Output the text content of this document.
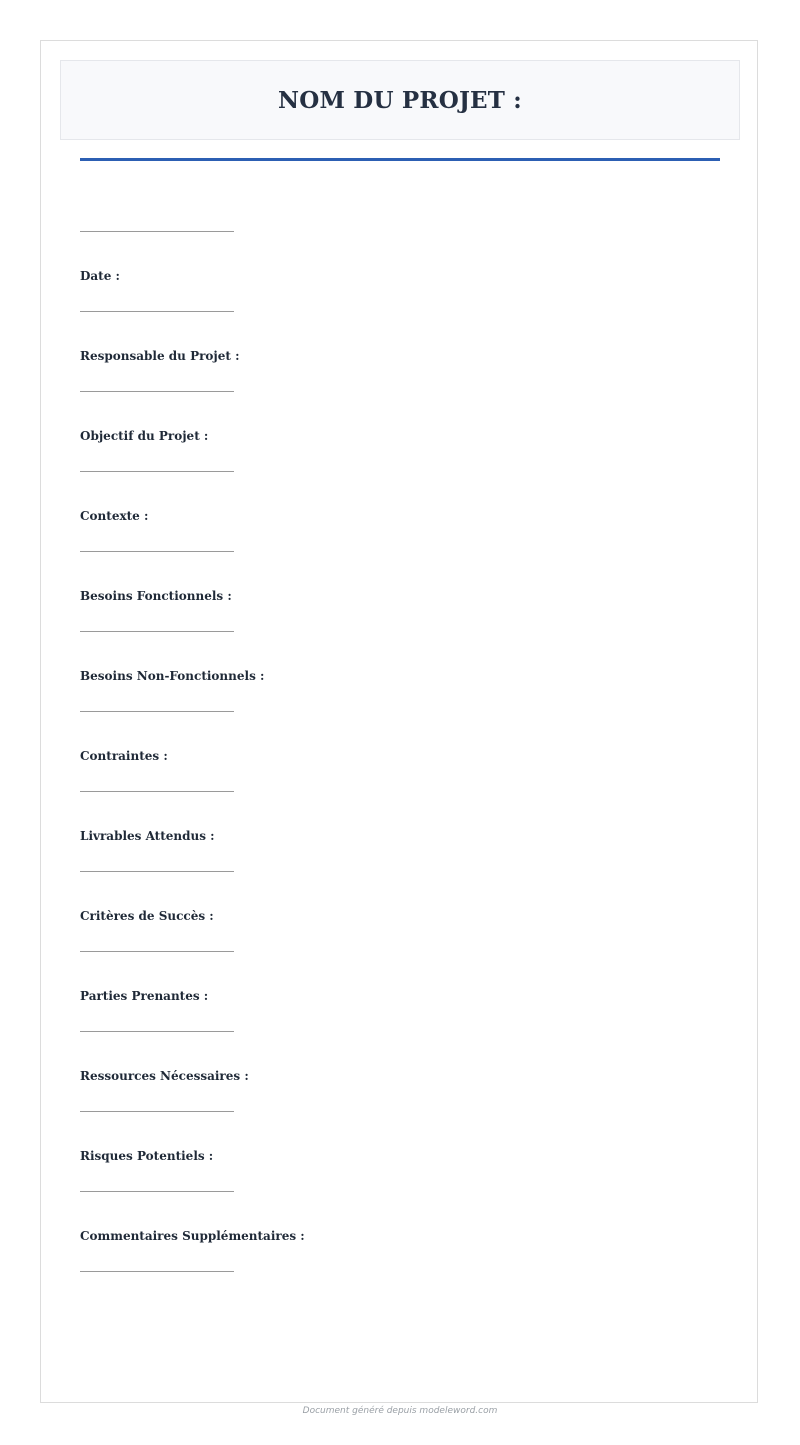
NOM DU PROJET :
Date :
Responsable du Projet :
Objectif du Projet :
Contexte :
Besoins Fonctionnels :
Besoins Non-Fonctionnels :
Contraintes :
Livrables Attendus :
Critères de Succès :
Parties Prenantes :
Ressources Nécessaires :
Risques Potentiels :
Commentaires Supplémentaires :
Document généré depuis modeleword.com
